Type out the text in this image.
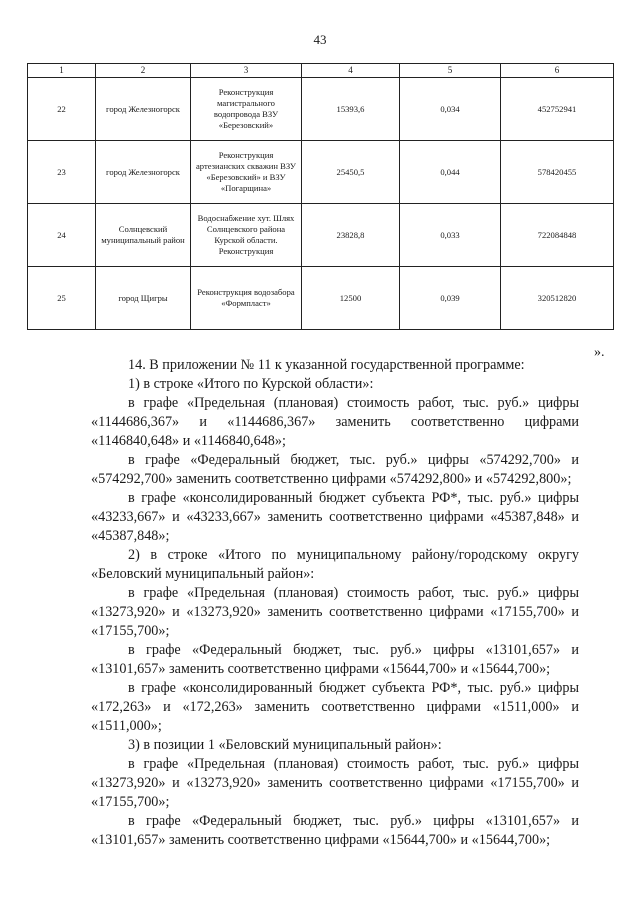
43
1	2	3	4	5	6
22	город Железногорск	Реконструкция магистрального водопровода ВЗУ «Березовский»	15393,6	0,034	452752941
23	город Железногорск	Реконструкция артезианских скважин ВЗУ «Березовский» и ВЗУ «Погарщина»	25450,5	0,044	578420455
24	Солнцевский муниципальный район	Водоснабжение хут. Шлях Солнцевского района Курской области. Реконструкция	23828,8	0,033	722084848
25	город Щигры	Реконструкция водозабора «Формпласт»	12500	0,039	320512820
».

14. В приложении № 11 к указанной государственной программе:

1) в строке «Итого по Курской области»:

в графе «Предельная (плановая) стоимость работ, тыс. руб.» цифры «1144686,367» и «1144686,367» заменить соответственно цифрами «1146840,648» и «1146840,648»;

в графе «Федеральный бюджет, тыс. руб.» цифры «574292,700» и «574292,700» заменить соответственно цифрами «574292,800» и «574292,800»;

в графе «консолидированный бюджет субъекта РФ*, тыс. руб.» цифры «43233,667» и «43233,667» заменить соответственно цифрами «45387,848» и «45387,848»;

2) в строке «Итого по муниципальному району/городскому округу «Беловский муниципальный район»:

в графе «Предельная (плановая) стоимость работ, тыс. руб.» цифры «13273,920» и «13273,920» заменить соответственно цифрами «17155,700» и «17155,700»;

в графе «Федеральный бюджет, тыс. руб.» цифры «13101,657» и «13101,657» заменить соответственно цифрами «15644,700» и «15644,700»;

в графе «консолидированный бюджет субъекта РФ*, тыс. руб.» цифры «172,263» и «172,263» заменить соответственно цифрами «1511,000» и «1511,000»;

3) в позиции 1 «Беловский муниципальный район»:

в графе «Предельная (плановая) стоимость работ, тыс. руб.» цифры «13273,920» и «13273,920» заменить соответственно цифрами «17155,700» и «17155,700»;

в графе «Федеральный бюджет, тыс. руб.» цифры «13101,657» и «13101,657» заменить соответственно цифрами «15644,700» и «15644,700»;
